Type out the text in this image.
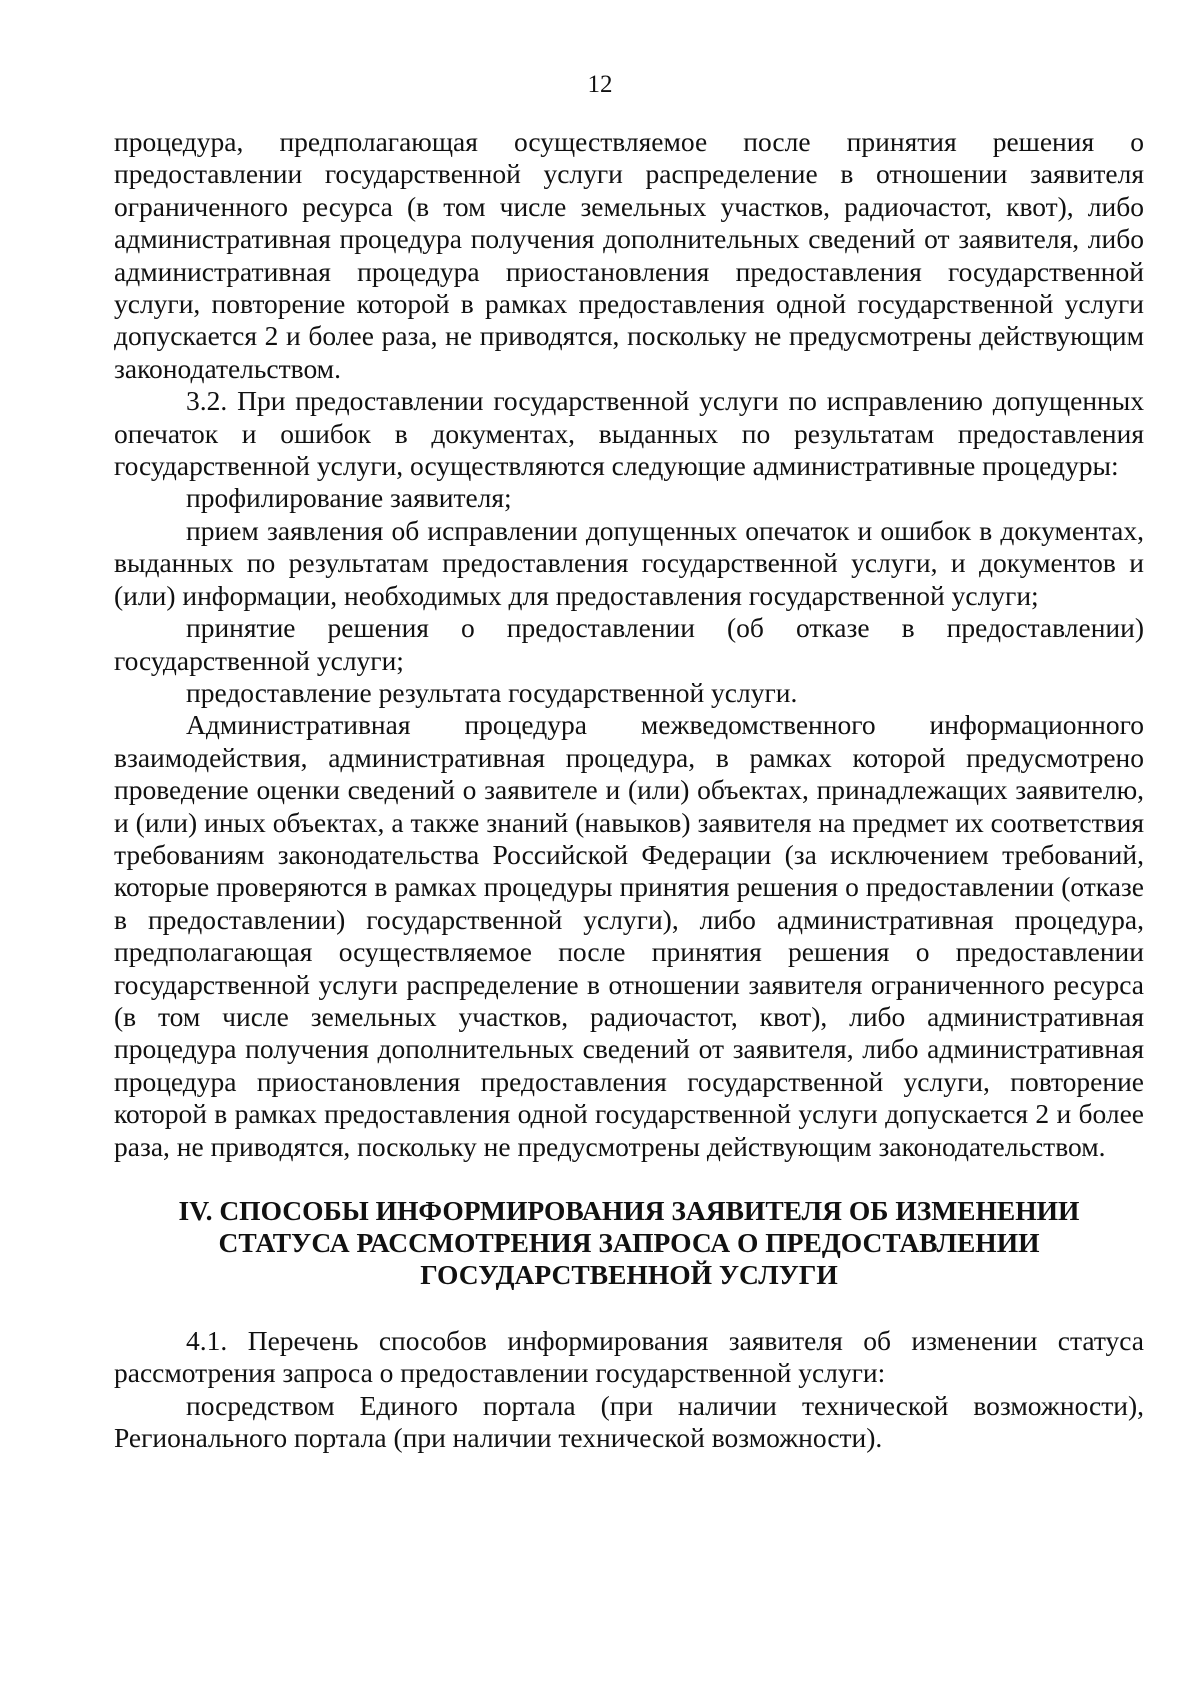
12

процедура, предполагающая осуществляемое после принятия решения о предоставлении государственной услуги распределение в отношении заявителя ограниченного ресурса (в том числе земельных участков, радиочастот, квот), либо административная процедура получения дополнительных сведений от заявителя, либо административная процедура приостановления предоставления государственной услуги, повторение которой в рамках предоставления одной государственной услуги допускается 2 и более раза, не приводятся, поскольку не предусмотрены действующим законодательством.

3.2. При предоставлении государственной услуги по исправлению допущенных опечаток и ошибок в документах, выданных по результатам предоставления государственной услуги, осуществляются следующие административные процедуры:

профилирование заявителя;

прием заявления об исправлении допущенных опечаток и ошибок в документах, выданных по результатам предоставления государственной услуги, и документов и (или) информации, необходимых для предоставления государственной услуги;

принятие решения о предоставлении (об отказе в предоставлении) государственной услуги;

предоставление результата государственной услуги.

Административная процедура межведомственного информационного взаимодействия, административная процедура, в рамках которой предусмотрено проведение оценки сведений о заявителе и (или) объектах, принадлежащих заявителю, и (или) иных объектах, а также знаний (навыков) заявителя на предмет их соответствия требованиям законодательства Российской Федерации (за исключением требований, которые проверяются в рамках процедуры принятия решения о предоставлении (отказе в предоставлении) государственной услуги), либо административная процедура, предполагающая осуществляемое после принятия решения о предоставлении государственной услуги распределение в отношении заявителя ограниченного ресурса (в том числе земельных участков, радиочастот, квот), либо административная процедура получения дополнительных сведений от заявителя, либо административная процедура приостановления предоставления государственной услуги, повторение которой в рамках предоставления одной государственной услуги допускается 2 и более раза, не приводятся, поскольку не предусмотрены действующим законодательством.

IV. СПОСОБЫ ИНФОРМИРОВАНИЯ ЗАЯВИТЕЛЯ ОБ ИЗМЕНЕНИИ
СТАТУСА РАССМОТРЕНИЯ ЗАПРОСА О ПРЕДОСТАВЛЕНИИ
ГОСУДАРСТВЕННОЙ УСЛУГИ

4.1. Перечень способов информирования заявителя об изменении статуса рассмотрения запроса о предоставлении государственной услуги:

посредством Единого портала (при наличии технической возможности), Регионального портала (при наличии технической возможности).
